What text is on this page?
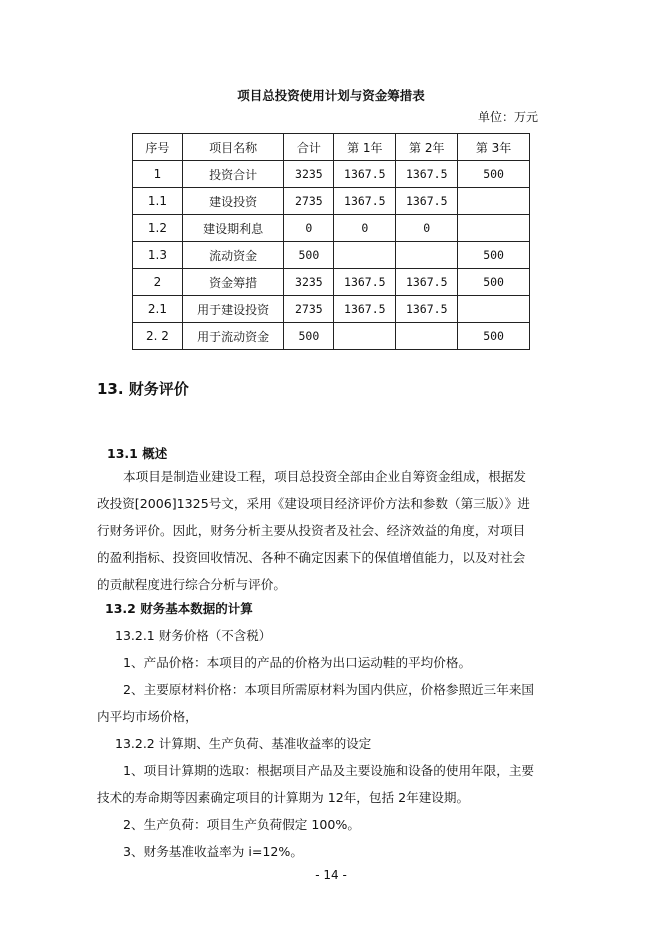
项目总投资使用计划与资金筹措表
单位：万元
序号	项目名称	合计	第 1年	第 2年	第 3年
1	投资合计	3235	1367.5	1367.5	500
1.1	建设投资	2735	1367.5	1367.5	
1.2	建设期利息	0	0	0	
1.3	流动资金	500			500
2	资金筹措	3235	1367.5	1367.5	500
2.1	用于建设投资	2735	1367.5	1367.5	
2. 2	用于流动资金	500			500
13. 财务评价
13.1 概述

本项目是制造业建设工程，项目总投资全部由企业自筹资金组成，根据发

改投资[2006]1325号文，采用《建设项目经济评价方法和参数（第三版）》进

行财务评价。因此，财务分析主要从投资者及社会、经济效益的角度，对项目

的盈利指标、投资回收情况、各种不确定因素下的保值增值能力，以及对社会

的贡献程度进行综合分析与评价。

13.2 财务基本数据的计算

13.2.1 财务价格（不含税）

1、产品价格：本项目的产品的价格为出口运动鞋的平均价格。

2、主要原材料价格：本项目所需原材料为国内供应，价格参照近三年来国

内平均市场价格，

13.2.2 计算期、生产负荷、基准收益率的设定

1、项目计算期的选取：根据项目产品及主要设施和设备的使用年限，主要

技术的寿命期等因素确定项目的计算期为 12年，包括 2年建设期。

2、生产负荷：项目生产负荷假定 100%。

3、财务基准收益率为 i=12%。

- 14 -
